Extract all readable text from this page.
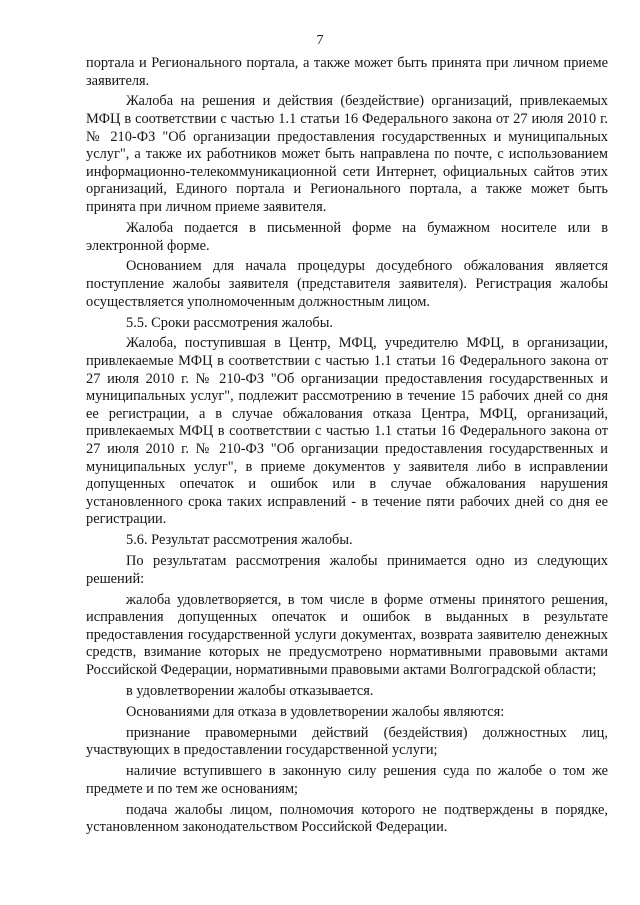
7

портала и Регионального портала, а также может быть принята при личном приеме заявителя.

Жалоба на решения и действия (бездействие) организаций, привлекаемых МФЦ в соответствии с частью 1.1 статьи 16 Федерального закона от 27 июля 2010 г. № 210-ФЗ "Об организации предоставления государственных и муниципальных услуг", а также их работников может быть направлена по почте, с использованием информационно-телекоммуникационной сети Интернет, официальных сайтов этих организаций, Единого портала и Регионального портала, а также может быть принята при личном приеме заявителя.

Жалоба подается в письменной форме на бумажном носителе или в электронной форме.

Основанием для начала процедуры досудебного обжалования является поступление жалобы заявителя (представителя заявителя). Регистрация жалобы осуществляется уполномоченным должностным лицом.

5.5. Сроки рассмотрения жалобы.

Жалоба, поступившая в Центр, МФЦ, учредителю МФЦ, в организации, привлекаемые МФЦ в соответствии с частью 1.1 статьи 16 Федерального закона от 27 июля 2010 г. № 210-ФЗ "Об организации предоставления государственных и муниципальных услуг", подлежит рассмотрению в течение 15 рабочих дней со дня ее регистрации, а в случае обжалования отказа Центра, МФЦ, организаций, привлекаемых МФЦ в соответствии с частью 1.1 статьи 16 Федерального закона от 27 июля 2010 г. № 210-ФЗ "Об организации предоставления государственных и муниципальных услуг", в приеме документов у заявителя либо в исправлении допущенных опечаток и ошибок или в случае обжалования нарушения установленного срока таких исправлений - в течение пяти рабочих дней со дня ее регистрации.

5.6. Результат рассмотрения жалобы.

По результатам рассмотрения жалобы принимается одно из следующих решений:

жалоба удовлетворяется, в том числе в форме отмены принятого решения, исправления допущенных опечаток и ошибок в выданных в результате предоставления государственной услуги документах, возврата заявителю денежных средств, взимание которых не предусмотрено нормативными правовыми актами Российской Федерации, нормативными правовыми актами Волгоградской области;

в удовлетворении жалобы отказывается.

Основаниями для отказа в удовлетворении жалобы являются:

признание правомерными действий (бездействия) должностных лиц, участвующих в предоставлении государственной услуги;

наличие вступившего в законную силу решения суда по жалобе о том же предмете и по тем же основаниям;

подача жалобы лицом, полномочия которого не подтверждены в порядке, установленном законодательством Российской Федерации.
